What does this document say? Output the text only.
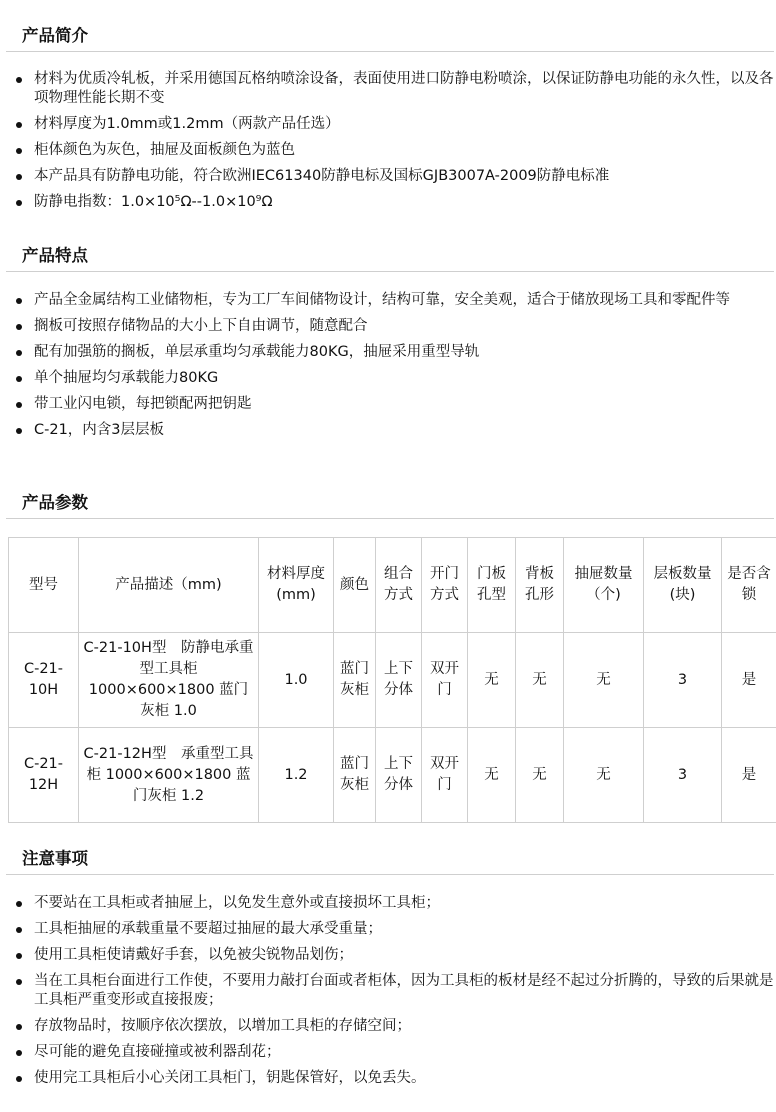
产品简介
材料为优质冷轧板，并采用德国瓦格纳喷涂设备，表面使用进口防静电粉喷涂，以保证防静电功能的永久性，以及各项物理性能长期不变
材料厚度为1.0mm或1.2mm（两款产品任选）
柜体颜色为灰色，抽屉及面板颜色为蓝色
本产品具有防静电功能，符合欧洲IEC61340防静电标及国标GJB3007A-2009防静电标准
防静电指数：1.0×10⁵Ω--1.0×10⁹Ω
产品特点
产品全金属结构工业储物柜，专为工厂车间储物设计，结构可靠，安全美观，适合于储放现场工具和零配件等
搁板可按照存储物品的大小上下自由调节，随意配合
配有加强筋的搁板，单层承重均匀承载能力80KG，抽屉采用重型导轨
单个抽屉均匀承载能力80KG
带工业闪电锁，每把锁配两把钥匙
C-21，内含3层层板
产品参数
型号	产品描述（mm)	材料厚度(mm)	颜色	组合方式	开门方式	门板孔型	背板孔形	抽屉数量（个)	层板数量(块)	是否含锁
C-21-10H	C-21-10H型　防静电承重型工具柜 1000×600×1800 蓝门灰柜 1.0	1.0	蓝门灰柜	上下分体	双开门	无	无	无	3	是
C-21-12H	C-21-12H型　承重型工具柜 1000×600×1800 蓝门灰柜 1.2	1.2	蓝门灰柜	上下分体	双开门	无	无	无	3	是
注意事项
不要站在工具柜或者抽屉上，以免发生意外或直接损坏工具柜；
工具柜抽屉的承载重量不要超过抽屉的最大承受重量；
使用工具柜使请戴好手套，以免被尖锐物品划伤；
当在工具柜台面进行工作使，不要用力敲打台面或者柜体，因为工具柜的板材是经不起过分折腾的，导致的后果就是工具柜严重变形或直接报废；
存放物品时，按顺序依次摆放，以增加工具柜的存储空间；
尽可能的避免直接碰撞或被利器刮花；
使用完工具柜后小心关闭工具柜门，钥匙保管好，以免丢失。
